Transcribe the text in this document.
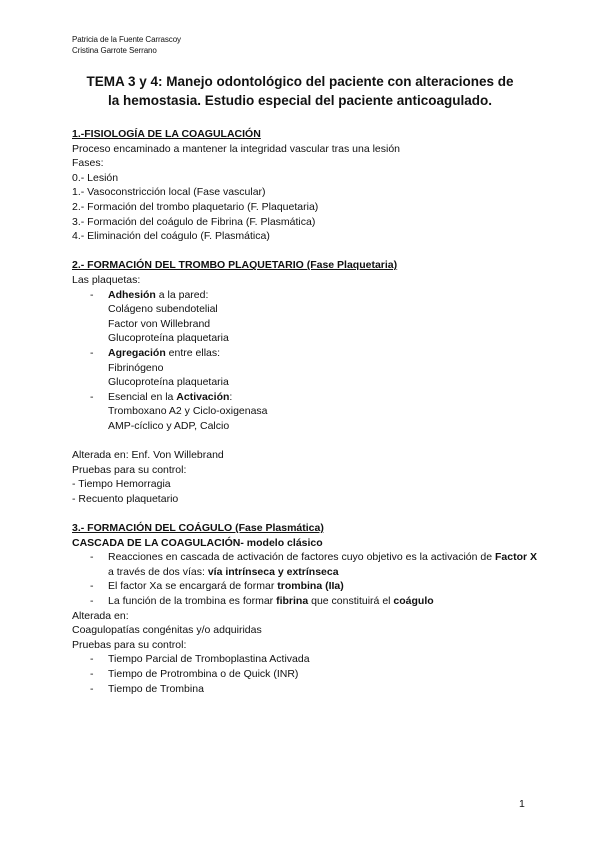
Patricia de la Fuente Carrascoy
Cristina Garrote Serrano
TEMA 3 y 4: Manejo odontológico del paciente con alteraciones de
la hemostasia. Estudio especial del paciente anticoagulado.
1.-FISIOLOGÍA DE LA COAGULACIÓN
Proceso encaminado a mantener la integridad vascular tras una lesión
Fases:
0.- Lesión
1.- Vasoconstricción local (Fase vascular)
2.- Formación del trombo plaquetario (F. Plaquetaria)
3.- Formación del coágulo de Fibrina (F. Plasmática)
4.- Eliminación del coágulo (F. Plasmática)
2.- FORMACIÓN DEL TROMBO PLAQUETARIO (Fase Plaquetaria)
Las plaquetas:
- Adhesión a la pared:
Colágeno subendotelial
Factor von Willebrand
Glucoproteína plaquetaria
- Agregación entre ellas:
Fibrinógeno
Glucoproteína plaquetaria
- Esencial en la Activación:
Tromboxano A2 y Ciclo-oxigenasa
AMP-cíclico y ADP, Calcio
Alterada en: Enf. Von Willebrand
Pruebas para su control:
- Tiempo Hemorragia
- Recuento plaquetario
3.- FORMACIÓN DEL COÁGULO (Fase Plasmática)
CASCADA DE LA COAGULACIÓN- modelo clásico
- Reacciones en cascada de activación de factores cuyo objetivo es la activación de Factor X a través de dos vías: vía intrínseca y extrínseca
- El factor Xa se encargará de formar trombina (IIa)
- La función de la trombina es formar fibrina que constituirá el coágulo
Alterada en:
Coagulopatías congénitas y/o adquiridas
Pruebas para su control:
- Tiempo Parcial de Tromboplastina Activada
- Tiempo de Protrombina o de Quick (INR)
- Tiempo de Trombina
1
